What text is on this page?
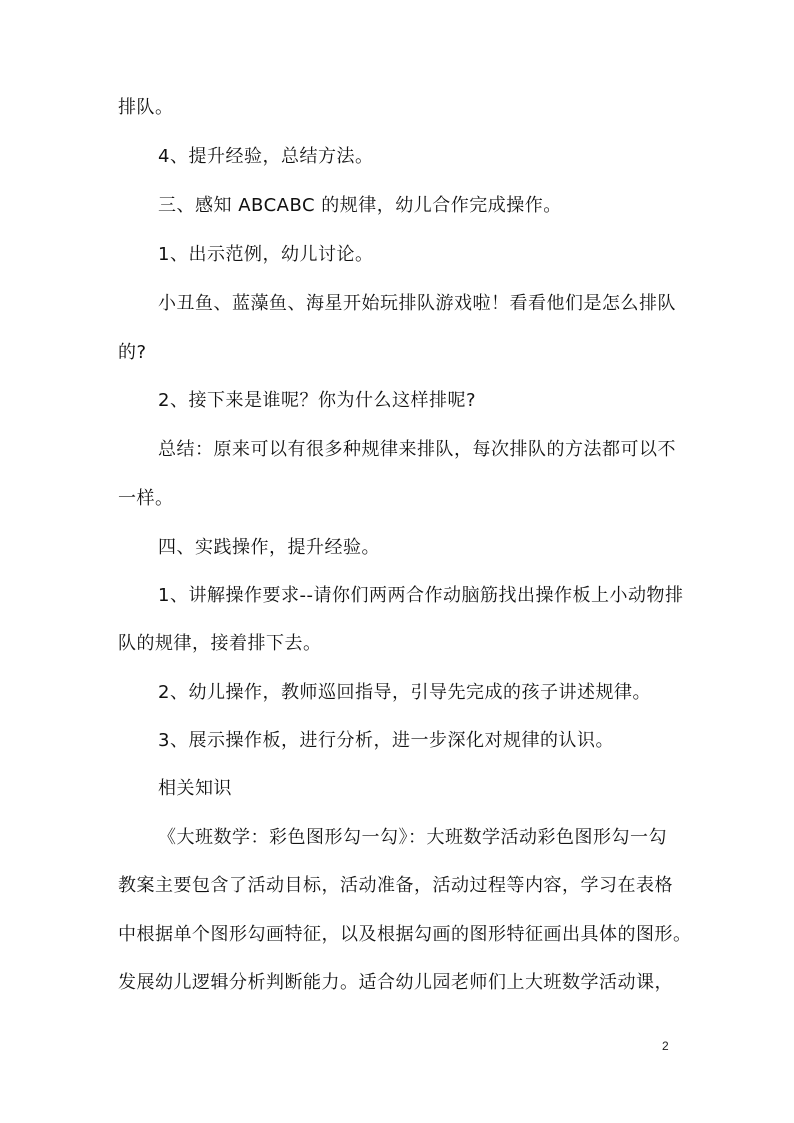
排队。
4、提升经验，总结方法。
三、感知 ABCABC 的规律，幼儿合作完成操作。
1、出示范例，幼儿讨论。
小丑鱼、蓝藻鱼、海星开始玩排队游戏啦！看看他们是怎么排队
的?
2、接下来是谁呢？你为什么这样排呢?
总结：原来可以有很多种规律来排队，每次排队的方法都可以不
一样。
四、实践操作，提升经验。
1、讲解操作要求--请你们两两合作动脑筋找出操作板上小动物排
队的规律，接着排下去。
2、幼儿操作，教师巡回指导，引导先完成的孩子讲述规律。
3、展示操作板，进行分析，进一步深化对规律的认识。
相关知识
《大班数学：彩色图形勾一勾》：大班数学活动彩色图形勾一勾
教案主要包含了活动目标，活动准备，活动过程等内容，学习在表格
中根据单个图形勾画特征，以及根据勾画的图形特征画出具体的图形。
发展幼儿逻辑分析判断能力。适合幼儿园老师们上大班数学活动课，
2
